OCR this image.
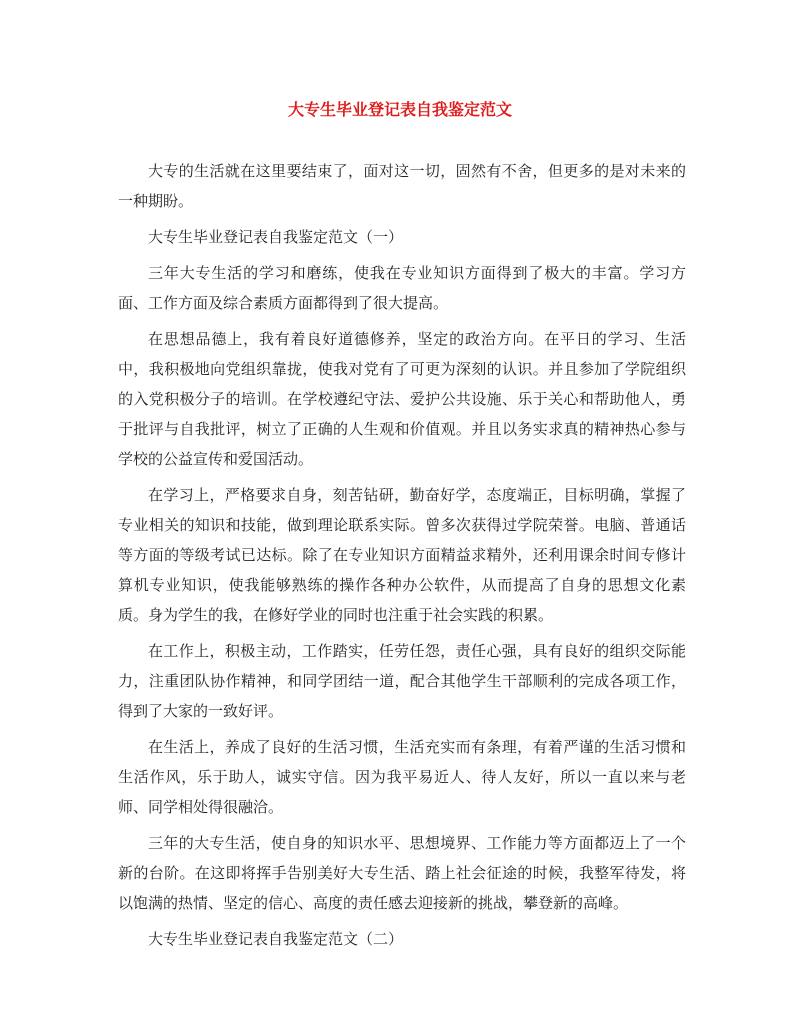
大专生毕业登记表自我鉴定范文

大专的生活就在这里要结束了，面对这一切，固然有不舍，但更多的是对未来的一种期盼。

大专生毕业登记表自我鉴定范文（一）

三年大专生活的学习和磨练，使我在专业知识方面得到了极大的丰富。学习方面、工作方面及综合素质方面都得到了很大提高。

在思想品德上，我有着良好道德修养，坚定的政治方向。在平日的学习、生活中，我积极地向党组织靠拢，使我对党有了可更为深刻的认识。并且参加了学院组织的入党积极分子的培训。在学校遵纪守法、爱护公共设施、乐于关心和帮助他人，勇于批评与自我批评，树立了正确的人生观和价值观。并且以务实求真的精神热心参与学校的公益宣传和爱国活动。

在学习上，严格要求自身，刻苦钻研，勤奋好学，态度端正，目标明确，掌握了专业相关的知识和技能，做到理论联系实际。曾多次获得过学院荣誉。电脑、普通话等方面的等级考试已达标。除了在专业知识方面精益求精外，还利用课余时间专修计算机专业知识，使我能够熟练的操作各种办公软件，从而提高了自身的思想文化素质。身为学生的我，在修好学业的同时也注重于社会实践的积累。

在工作上，积极主动，工作踏实，任劳任怨，责任心强，具有良好的组织交际能力，注重团队协作精神，和同学团结一道，配合其他学生干部顺利的完成各项工作，得到了大家的一致好评。

在生活上，养成了良好的生活习惯，生活充实而有条理，有着严谨的生活习惯和生活作风，乐于助人，诚实守信。因为我平易近人、待人友好，所以一直以来与老师、同学相处得很融洽。

三年的大专生活，使自身的知识水平、思想境界、工作能力等方面都迈上了一个新的台阶。在这即将挥手告别美好大专生活、踏上社会征途的时候，我整军待发，将以饱满的热情、坚定的信心、高度的责任感去迎接新的挑战，攀登新的高峰。

大专生毕业登记表自我鉴定范文（二）
